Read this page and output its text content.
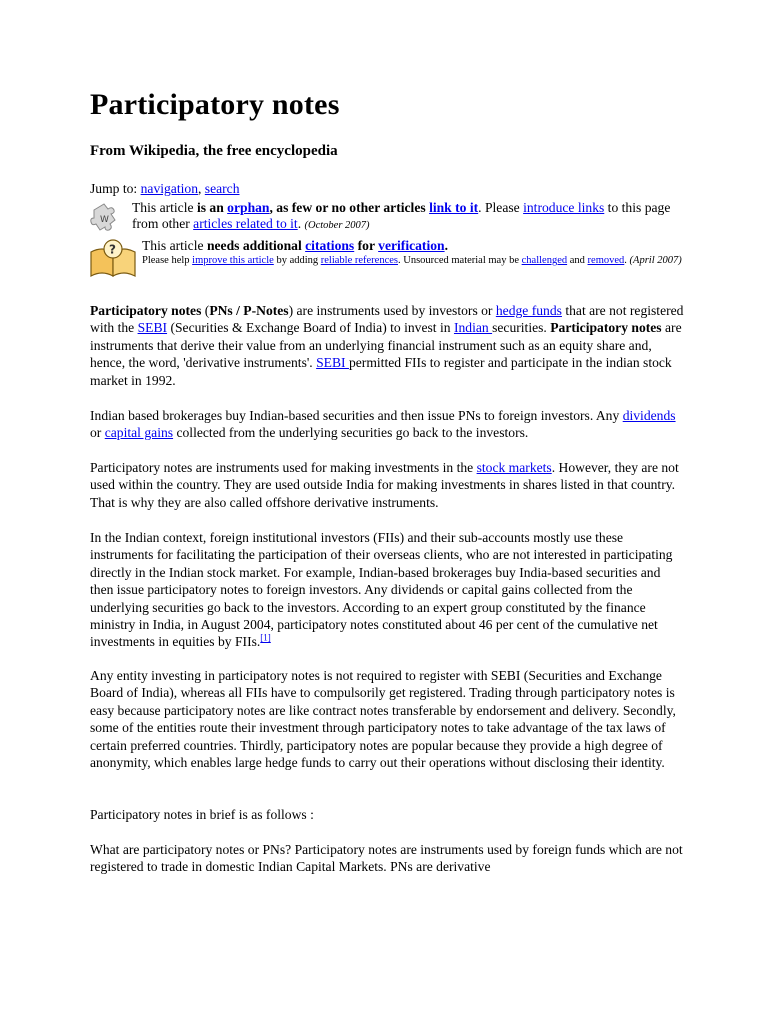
Participatory notes

From Wikipedia, the free encyclopedia

Jump to: navigation, search
W
This article is an orphan, as few or no other articles link to it. Please introduce links to this page from other articles related to it. (October 2007)
? This article needs additional citations for verification.
Please help improve this article by adding reliable references. Unsourced material may be challenged and removed. (April 2007)

Participatory notes (PNs / P-Notes) are instruments used by investors or hedge funds that are not registered with the SEBI (Securities & Exchange Board of India) to invest in Indian securities. Participatory notes are instruments that derive their value from an underlying financial instrument such as an equity share and, hence, the word, 'derivative instruments'. SEBI permitted FIIs to register and participate in the indian stock market in 1992.

Indian based brokerages buy Indian-based securities and then issue PNs to foreign investors. Any dividends or capital gains collected from the underlying securities go back to the investors.

Participatory notes are instruments used for making investments in the stock markets. However, they are not used within the country. They are used outside India for making investments in shares listed in that country. That is why they are also called offshore derivative instruments.

In the Indian context, foreign institutional investors (FIIs) and their sub-accounts mostly use these instruments for facilitating the participation of their overseas clients, who are not interested in participating directly in the Indian stock market. For example, Indian-based brokerages buy India-based securities and then issue participatory notes to foreign investors. Any dividends or capital gains collected from the underlying securities go back to the investors. According to an expert group constituted by the finance ministry in India, in August 2004, participatory notes constituted about 46 per cent of the cumulative net investments in equities by FIIs.[1]

Any entity investing in participatory notes is not required to register with SEBI (Securities and Exchange Board of India), whereas all FIIs have to compulsorily get registered. Trading through participatory notes is easy because participatory notes are like contract notes transferable by endorsement and delivery. Secondly, some of the entities route their investment through participatory notes to take advantage of the tax laws of certain preferred countries. Thirdly, participatory notes are popular because they provide a high degree of anonymity, which enables large hedge funds to carry out their operations without disclosing their identity.

Participatory notes in brief is as follows :

What are participatory notes or PNs? Participatory notes are instruments used by foreign funds which are not registered to trade in domestic Indian Capital Markets. PNs are derivative
